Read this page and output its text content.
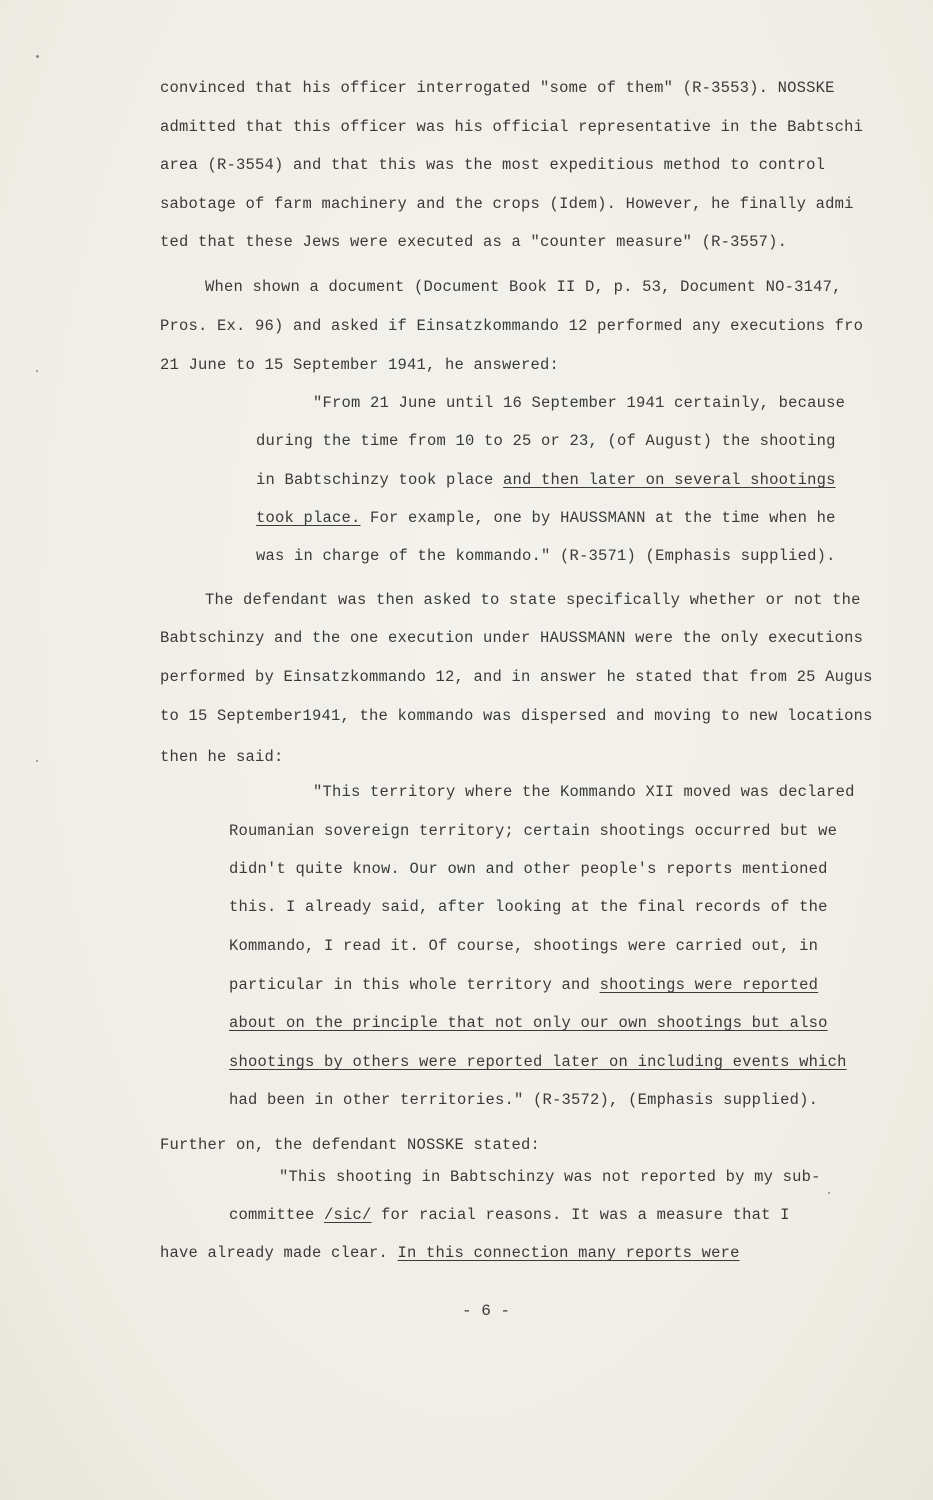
convinced that his officer interrogated "some of them" (R-3553). NOSSKE
admitted that this officer was his official representative in the Babtschi
area (R-3554) and that this was the most expeditious method to control
sabotage of farm machinery and the crops (Idem). However, he finally admi
ted that these Jews were executed as a "counter measure" (R-3557).
When shown a document (Document Book II D, p. 53, Document NO-3147,
Pros. Ex. 96) and asked if Einsatzkommando 12 performed any executions fro
21 June to 15 September 1941, he answered:
"From 21 June until 16 September 1941 certainly, because
during the time from 10 to 25 or 23, (of August) the shooting
in Babtschinzy took place and then later on several shootings
took place. For example, one by HAUSSMANN at the time when he
was in charge of the kommando." (R-3571) (Emphasis supplied).
The defendant was then asked to state specifically whether or not the
Babtschinzy and the one execution under HAUSSMANN were the only executions
performed by Einsatzkommando 12, and in answer he stated that from 25 Augus
to 15 September1941, the kommando was dispersed and moving to new locations
then he said:
"This territory where the Kommando XII moved was declared
Roumanian sovereign territory; certain shootings occurred but we
didn't quite know. Our own and other people's reports mentioned
this. I already said, after looking at the final records of the
Kommando, I read it. Of course, shootings were carried out, in
particular in this whole territory and shootings were reported
about on the principle that not only our own shootings but also
shootings by others were reported later on including events which
had been in other territories." (R-3572), (Emphasis supplied).
Further on, the defendant NOSSKE stated:
"This shooting in Babtschinzy was not reported by my sub-
committee /sic/ for racial reasons. It was a measure that I
have already made clear. In this connection many reports were
- 6 -
